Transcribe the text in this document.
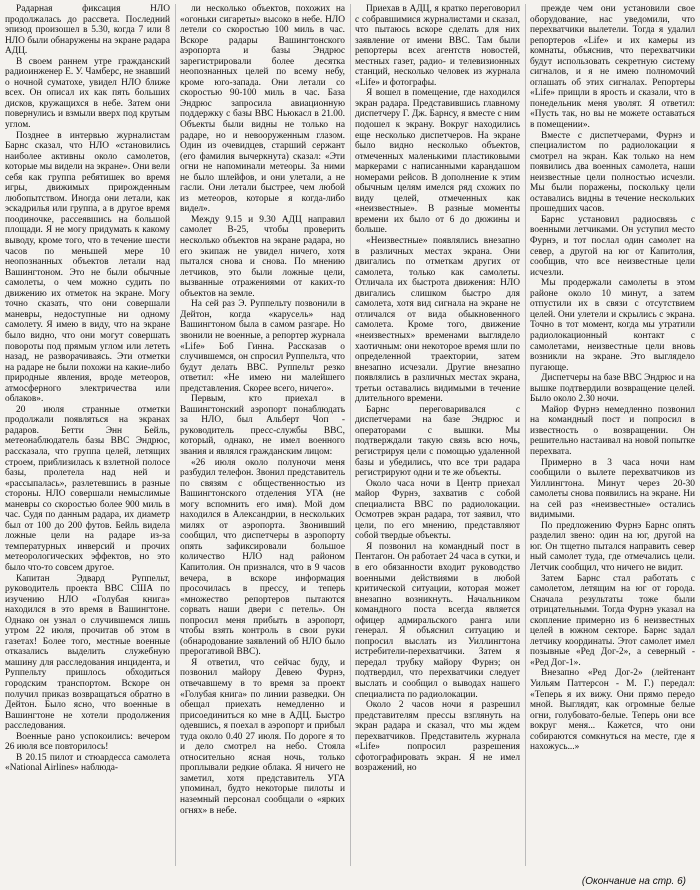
Радарная фиксация НЛО продолжалась до рассвета. Последний эпизод произошел в 5.30, когда 7 или 8 НЛО были обнаружены на экране радара АДЦ.

В своем раннем утре гражданский радиоинженер Е. У. Чамберс, не знавший о ночной суматохе, увидел НЛО ближе всех. Он описал их как пять больших дисков, кружащихся в небе. Затем они повернулись и взмыли вверх под крутым углом.

Позднее в интервью журналистам Барнс сказал, что НЛО «становились наиболее активны около самолетов, которые мы видели на экране». Они вели себя как группа ребятишек во время игры, движимых прирожденным любопытством. Иногда они летали, как эскадрилья или группа, а в другое время поодиночке, рассеявшись на большой площади. Я не могу придумать к какому выводу, кроме того, что в течение шести часов по меньшей мере 10 неопознанных объектов летали над Вашингтоном. Это не были обычные самолеты, о чем можно судить по движению их отметок на экране. Могу точно сказать, что они совершали маневры, недоступные ни одному самолету. Я имею в виду, что на экране было видно, что они могут совершать повороты под прямым углом или лететь назад, не разворачиваясь. Эти отметки на радаре не были похожи на какие-либо природные явления, вроде метеоров, атмосферного электричества или облаков».

20 июля странные отметки продолжали появляться на экранах радаров. Бетти Энн Бейль, метеонаблюдатель базы ВВС Эндрюс, рассказала, что группа целей, летящих строем, приблизилась к взлетной полосе базы, пролетела над ней и «рассыпалась», разлетевшись в разные стороны. НЛО совершали немыслимые маневры со скоростью более 900 миль в час. Судя по данным радара, их диаметр был от 100 до 200 футов. Бейль видела ложные цели на радаре из-за температурных инверсий и прочих метеорологических эффектов, но это было что-то совсем другое.

Капитан Эдвард Руппельт, руководитель проекта ВВС США по изучению НЛО «Голубая книга» находился в это время в Вашингтоне. Однако он узнал о случившемся лишь утром 22 июля, прочитав об этом в газетах! Более того, местные военные отказались выделить служебную машину для расследования инцидента, и Руппельту пришлось обходиться городским транспортом. Вскоре он получил приказ возвращаться обратно в Дейтон. Было ясно, что военные в Вашингтоне не хотели продолжения расследования.

Военные рано успокоились: вечером 26 июля все повторилось!

В 20.15 пилот и стюардесса самолета «National Airlines» наблюда-

ли несколько объектов, похожих на «огоньки сигареты» высоко в небе. НЛО летели со скоростью 100 миль в час. Вскоре радары Вашингтонского аэропорта и базы Эндрюс зарегистрировали более десятка неопознанных целей по всему небу, кроме юго-запада. Они летали со скоростью 90-100 миль в час. База Эндрюс запросила авиационную поддержку с базы ВВС Ньюкасл в 21.00. Объекты были видны не только на радаре, но и невооруженным глазом. Один из очевидцев, старший сержант (его фамилия вычеркнута) сказал: «Эти огни не напоминали метеоры. За ними не было шлейфов, и они улетали, а не гасли. Они летали быстрее, чем любой из метеоров, которые я когда-либо видел».

Между 9.15 и 9.30 АДЦ направил самолет B-25, чтобы проверить несколько объектов на экране радара, но его экипаж не увидел ничего, хотя пытался снова и снова. По мнению летчиков, это были ложные цели, вызванные отражениями от каких-то объектов на земле.

На сей раз Э. Руппельту позвонили в Дейтон, когда «карусель» над Вашингтоном была в самом разгаре. Но звонили не военные, а репортер журнала «Life» Боб Гинна. Рассказав о случившемся, он спросил Руппельта, что будут делать ВВС. Руппельт резко ответил: «Не имею ни малейшего представления. Скорее всего, ничего».

Первым, кто приехал в Вашингтонский аэропорт понаблюдать за НЛО, был Альберт Чоп - руководитель пресс-службы ВВС, который, однако, не имел военного звания и являлся гражданским лицом:

«26 июля около полуночи меня разбудил телефон. Звонил представитель по связям с общественностью из Вашингтонского отделения УГА (не могу вспомнить его имя). Мой дом находился в Александрии, в нескольких милях от аэропорта. Звонивший сообщил, что диспетчеры в аэропорту опять зафиксировали большое количество НЛО над районом Капитолия. Он признался, что в 9 часов вечера, в вскоре информация просочилась в прессу, и теперь «множество репортеров пытаются сорвать наши двери с петель». Он попросил меня прибыть в аэропорт, чтобы взять контроль в свои руки (обнародование заявлений об НЛО было прерогативой ВВС).

Я ответил, что сейчас буду, и позвонил майору Девею Фурнэ, отвечавшему в то время за проект «Голубая книга» по линии разведки. Он обещал приехать немедленно и присоединиться ко мне в АДЦ. Быстро одевшись, я поехал в аэропорт и прибыл туда около 0.40 27 июля. По дороге я то и дело смотрел на небо. Стояла относительно ясная ночь, только проплывали редкие облака. Я ничего не заметил, хотя представитель УГА упоминал, будто некоторые пилоты и наземный персонал сообщали о «ярких огнях» в небе.

Приехав в АДЦ, я кратко переговорил с собравшимися журналистами и сказал, что пытаюсь вскоре сделать для них заявление от имени ВВС. Там были репортеры всех агентств новостей, местных газет, радио- и телевизионных станций, несколько человек из журнала «Life» и фотографы.

Я вошел в помещение, где находился экран радара. Представившись главному диспетчеру Г. Дж. Барнсу, я вместе с ним подошел к экрану. Вокруг находились еще несколько диспетчеров. На экране было видно несколько объектов, отмеченных маленькими пластиковыми маркерами с написанными карандашом номерами рейсов. В дополнение к этим обычным целям имелся ряд схожих по виду целей, отмеченных как «неизвестные». В разные моменты времени их было от 6 до дюжины и больше.

«Неизвестные» появлялись внезапно в различных местах экрана. Они двигались по отметкам других от самолета, только как самолеты. Отличала их быстрота движения: НЛО двигались слишком быстро для самолета, хотя вид сигнала на экране не отличался от вида обыкновенного самолета. Кроме того, движение «неизвестных» временами выглядело хаотичным: они некоторое время шли по определенной траектории, затем внезапно исчезали. Другие внезапно появлялись в различных местах экрана, третьи оставались видимыми в течение длительного времени.

Барнс переговаривался с диспетчерами на базе Эндрюс и операторами с вышки. Мы подтверждали такую связь всю ночь, регистрируя цели с помощью удаленной базы и убедились, что все три радара регистрируют одни и те же объекты.

Около часа ночи в Центр приехал майор Фурнэ, захватив с собой специалиста ВВС по радиолокации. Осмотрев экран радара, тот заявил, что цели, по его мнению, представляют собой твердые объекты.

Я позвонил на командный пост в Пентагон. Он работает 24 часа в сутки, и в его обязанности входит руководство военными действиями в любой критической ситуации, которая может внезапно возникнуть. Начальником командного поста всегда является офицер адмиральского ранга или генерал. Я объяснил ситуацию и попросил выслать из Уиллингтона истребители-перехватчики. Затем я передал трубку майору Фурнэ; он подтвердил, что перехватчики следует выслать и сообщил о выводах нашего специалиста по радиолокации.

Около 2 часов ночи я разрешил представителям прессы взглянуть на экран радара и сказал, что мы ждем перехватчиков. Представитель журнала «Life» попросил разрешения сфотографировать экран. Я не имел возражений, но

прежде чем они установили свое оборудование, нас уведомили, что перехватчики вылетели. Тогда я удалил репортеров «Life» и их камеры из комнаты, объяснив, что перехватчики будут использовать секретную систему сигналов, и я не имею полномочий оглашать об этих сигналах. Репортеры «Life» прищли в ярость и сказали, что в понедельник меня уволят. Я ответил: «Пусть так, но вы не можете оставаться в помещении».

Вместе с диспетчерами, Фурнэ и специалистом по радиолокации я смотрел на экран. Как только на нем появились два военных самолета, наши неизвестные цели полностью исчезли. Мы были поражены, поскольку цели оставались видны в течение нескольких прошедших часов.

Барнс установил радиосвязь с военными летчиками. Он уступил место Фурнэ, и тот послал один самолет на север, а другой на юг от Капитолия, сообщив, что все неизвестные цели исчезли.

Мы продержали самолеты в этом районе около 10 минут, а затем отпустили их в связи с отсутствием целей. Они улетели и скрылись с экрана. Точно в тот момент, когда мы утратили радиолокационный контакт с самолетами, неизвестные цели вновь возникли на экране. Это выглядело пугающе.

Диспетчеры на базе ВВС Эндрюс и на вышке подтвердили возвращение целей. Было около 2.30 ночи.

Майор Фурнэ немедленно позвонил на командный пост и попросил в известность о возвращении. Он решительно настаивал на новой попытке перехвата.

Примерно в 3 часа ночи нам сообщили о вылете перехватчиков из Уиллингтона. Минут через 20-30 самолеты снова появились на экране. Ни на сей раз «неизвестные» остались видимыми.

По предложению Фурнэ Барнс опять разделил звено: один на юг, другой на юг. Он тщетно пытался направить север ный самолет туда, где отмечались цели. Летчик сообщил, что ничего не видит.

Затем Барнс стал работать с самолетом, летящим на юг от города. Сначала результаты тоже были отрицательными. Тогда Фурнэ указал на скопление примерно из 6 неизвестных целей в южном секторе. Барнс задал летчику координаты. Этот самолет имел позывные «Ред Дог-2», а северный - «Ред Дог-1».

Внезапно «Ред Дог-2» (лейтенант Уильям Паттерсон - М. Г.) передал: «Теперь я их вижу. Они прямо передо мной. Выглядят, как огромные белые огни, голубовато-белые. Теперь они все вокруг меня... Кажется, что они собираются сомкнуться на месте, где я нахожусь...»

(Окончание на стр. 6)
